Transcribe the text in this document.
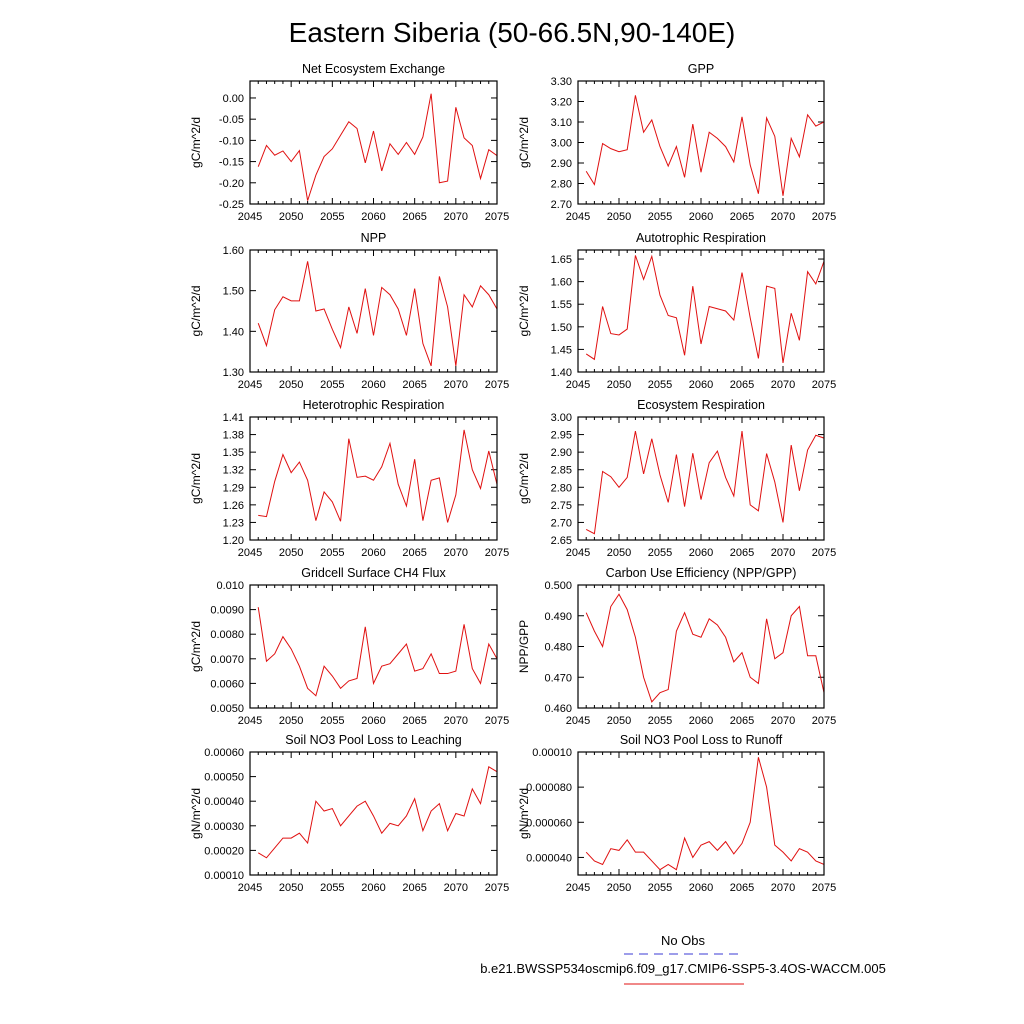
Eastern Siberia (50-66.5N,90-140E)
Net Ecosystem Exchange
gC/m^2/d
2045 2050 2055 2060 2065 2070 2075
0.00
-0.05
-0.10
-0.15
-0.20
-0.25
GPP
gC/m^2/d
2045 2050 2055 2060 2065 2070 2075
2.70
2.80
2.90
3.00
3.10
3.20
3.30
NPP
gC/m^2/d
2045 2050 2055 2060 2065 2070 2075
1.30
1.40
1.50
1.60
Autotrophic Respiration
gC/m^2/d
2045 2050 2055 2060 2065 2070 2075
1.40
1.45
1.50
1.55
1.60
1.65
Heterotrophic Respiration
gC/m^2/d
2045 2050 2055 2060 2065 2070 2075
1.20
1.23
1.26
1.29
1.32
1.35
1.38
1.41
Ecosystem Respiration
gC/m^2/d
2045 2050 2055 2060 2065 2070 2075
2.65
2.70
2.75
2.80
2.85
2.90
2.95
3.00
Gridcell Surface CH4 Flux
gC/m^2/d
2045 2050 2055 2060 2065 2070 2075
0.0050
0.0060
0.0070
0.0080
0.0090
0.010
Carbon Use Efficiency (NPP/GPP)
NPP/GPP
2045 2050 2055 2060 2065 2070 2075
0.460
0.470
0.480
0.490
0.500
Soil NO3 Pool Loss to Leaching
gN/m^2/d
2045 2050 2055 2060 2065 2070 2075
0.00010
0.00020
0.00030
0.00040
0.00050
0.00060
Soil NO3 Pool Loss to Runoff
gN/m^2/d
2045 2050 2055 2060 2065 2070 2075
0.000040
0.000060
0.000080
0.00010
No Obs
b.e21.BWSSP534oscmip6.f09_g17.CMIP6-SSP5-3.4OS-WACCM.005
